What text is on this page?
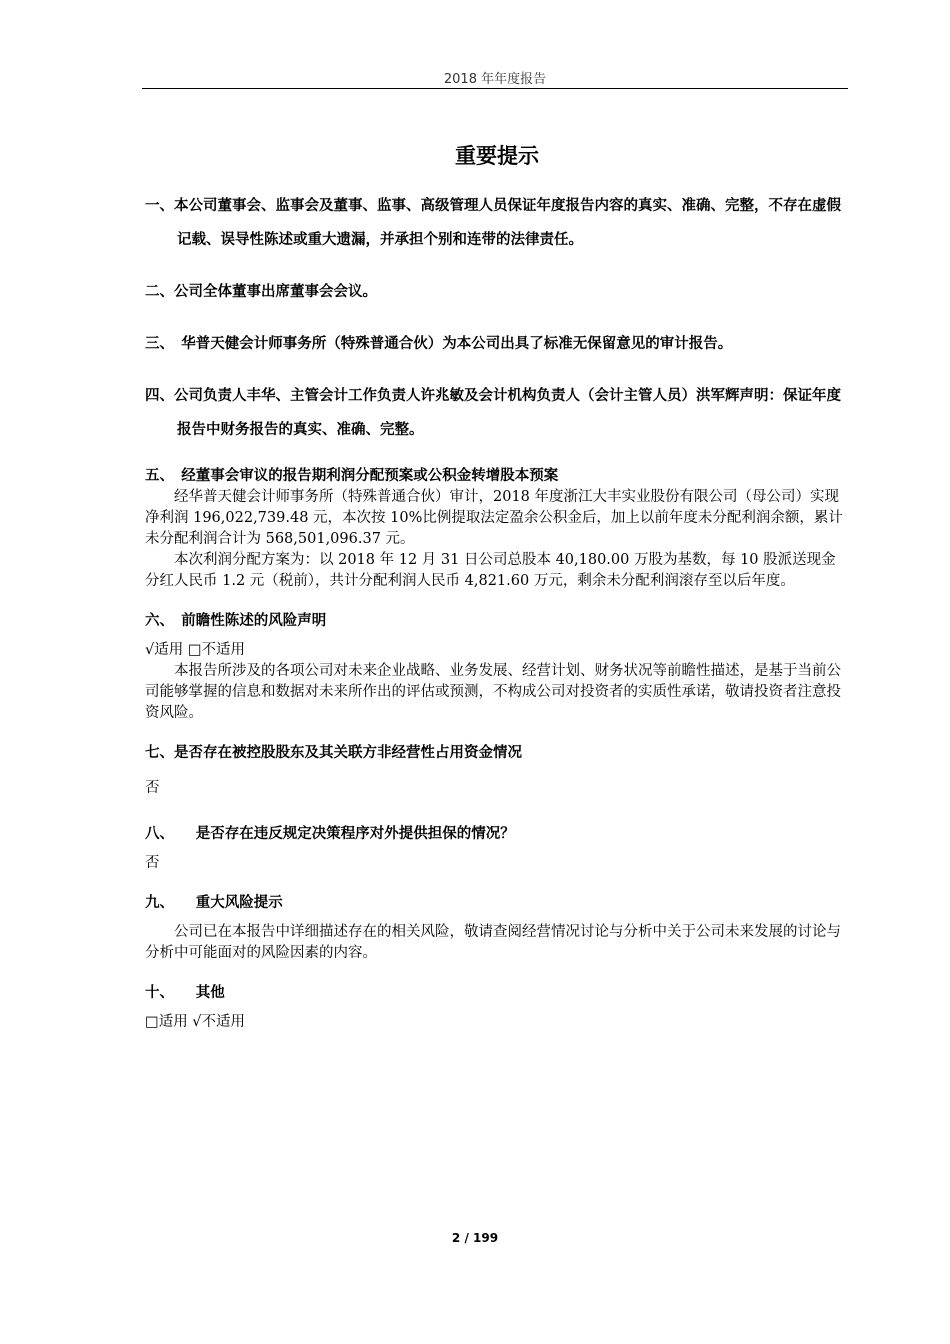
2018 年年度报告
重要提示
一、本公司董事会、监事会及董事、监事、高级管理人员保证年度报告内容的真实、准确、完整，不存在虚假记载、误导性陈述或重大遗漏，并承担个别和连带的法律责任。
二、公司全体董事出席董事会会议。
三、　华普天健会计师事务所（特殊普通合伙）为本公司出具了标准无保留意见的审计报告。
四、公司负责人丰华、主管会计工作负责人许兆敏及会计机构负责人（会计主管人员）洪军辉声明：保证年度报告中财务报告的真实、准确、完整。
五、　经董事会审议的报告期利润分配预案或公积金转增股本预案

经华普天健会计师事务所（特殊普通合伙）审计，2018 年度浙江大丰实业股份有限公司（母公司）实现净利润 196,022,739.48 元，本次按 10%比例提取法定盈余公积金后，加上以前年度未分配利润余额，累计未分配利润合计为 568,501,096.37 元。

本次利润分配方案为：以 2018 年 12 月 31 日公司总股本 40,180.00 万股为基数，每 10 股派送现金分红人民币 1.2 元（税前），共计分配利润人民币 4,821.60 万元，剩余未分配利润滚存至以后年度。

六、　前瞻性陈述的风险声明

√适用 □不适用

本报告所涉及的各项公司对未来企业战略、业务发展、经营计划、财务状况等前瞻性描述，是基于当前公司能够掌握的信息和数据对未来所作出的评估或预测，不构成公司对投资者的实质性承诺，敬请投资者注意投资风险。

七、是否存在被控股股东及其关联方非经营性占用资金情况

否

八、　　是否存在违反规定决策程序对外提供担保的情况？

否

九、　　重大风险提示

公司已在本报告中详细描述存在的相关风险，敬请查阅经营情况讨论与分析中关于公司未来发展的讨论与分析中可能面对的风险因素的内容。

十、　　其他

□适用 √不适用

2 / 199
